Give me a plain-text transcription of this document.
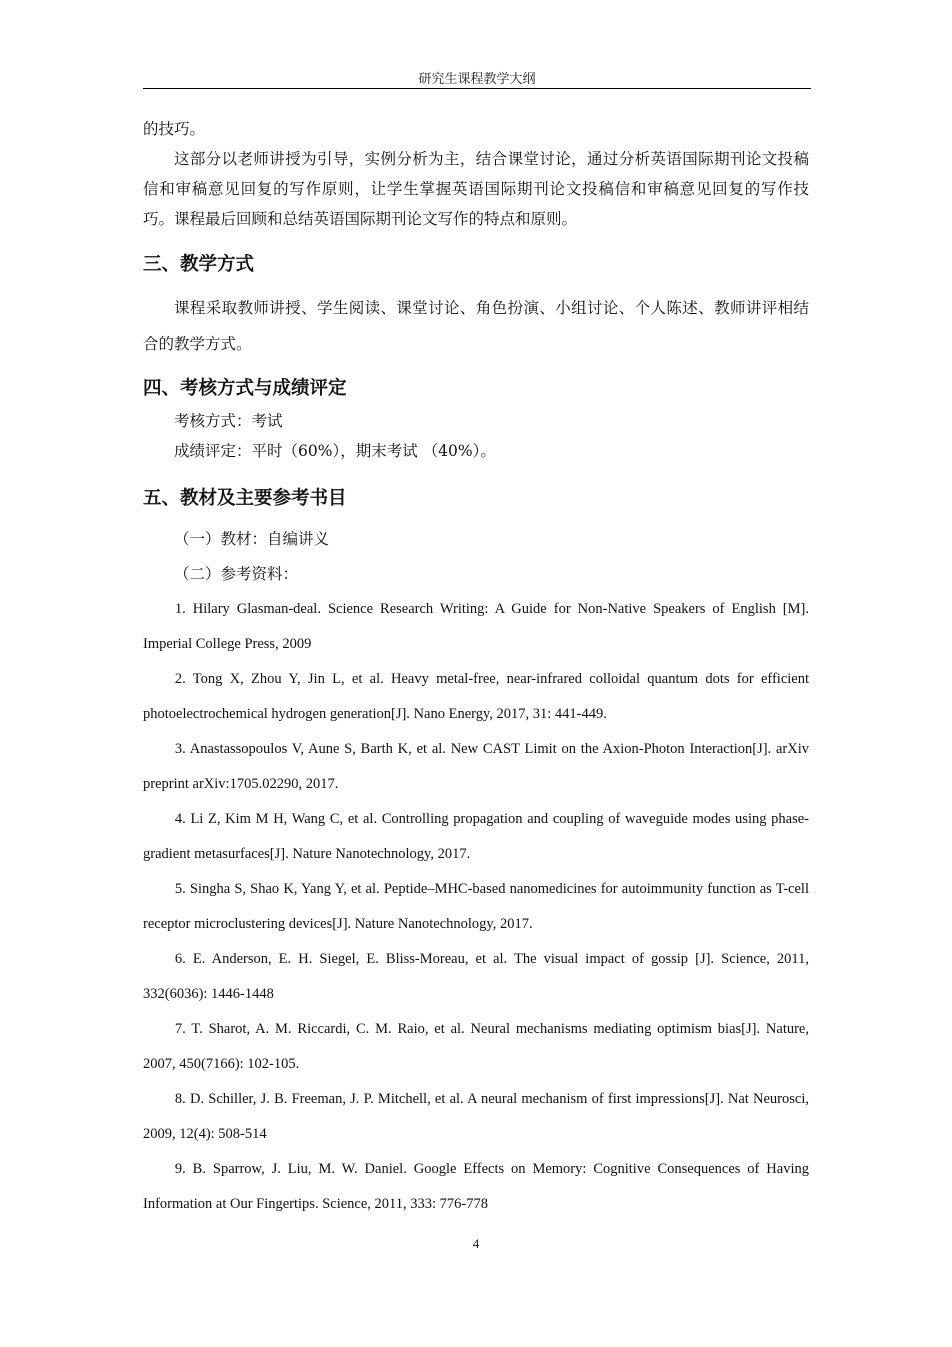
研究生课程教学大纲

的技巧。

这部分以老师讲授为引导，实例分析为主，结合课堂讨论，通过分析英语国际期刊论文投稿信和审稿意见回复的写作原则，让学生掌握英语国际期刊论文投稿信和审稿意见回复的写作技巧。课程最后回顾和总结英语国际期刊论文写作的特点和原则。

三、教学方式

课程采取教师讲授、学生阅读、课堂讨论、角色扮演、小组讨论、个人陈述、教师讲评相结合的教学方式。

四、考核方式与成绩评定

考核方式：考试

成绩评定：平时（60%），期末考试 （40%）。

五、教材及主要参考书目

（一）教材：自编讲义

（二）参考资料：

1. Hilary Glasman-deal. Science Research Writing: A Guide for Non-Native Speakers of English [M]. Imperial College Press, 2009

2. Tong X, Zhou Y, Jin L, et al. Heavy metal-free, near-infrared colloidal quantum dots for efficient photoelectrochemical hydrogen generation[J]. Nano Energy, 2017, 31: 441-449.

3. Anastassopoulos V, Aune S, Barth K, et al. New CAST Limit on the Axion-Photon Interaction[J]. arXiv preprint arXiv:1705.02290, 2017.

4. Li Z, Kim M H, Wang C, et al. Controlling propagation and coupling of waveguide modes using phase-gradient metasurfaces[J]. Nature Nanotechnology, 2017.

5. Singha S, Shao K, Yang Y, et al. Peptide–MHC-based nanomedicines for autoimmunity function as T-cell receptor microclustering devices[J]. Nature Nanotechnology, 2017.

6. E. Anderson, E. H. Siegel, E. Bliss-Moreau, et al. The visual impact of gossip [J]. Science, 2011, 332(6036): 1446-1448

7. T. Sharot, A. M. Riccardi, C. M. Raio, et al. Neural mechanisms mediating optimism bias[J]. Nature, 2007, 450(7166): 102-105.

8. D. Schiller, J. B. Freeman, J. P. Mitchell, et al. A neural mechanism of first impressions[J]. Nat Neurosci, 2009, 12(4): 508-514

9. B. Sparrow, J. Liu, M. W. Daniel. Google Effects on Memory: Cognitive Consequences of Having Information at Our Fingertips. Science, 2011, 333: 776-778

4
